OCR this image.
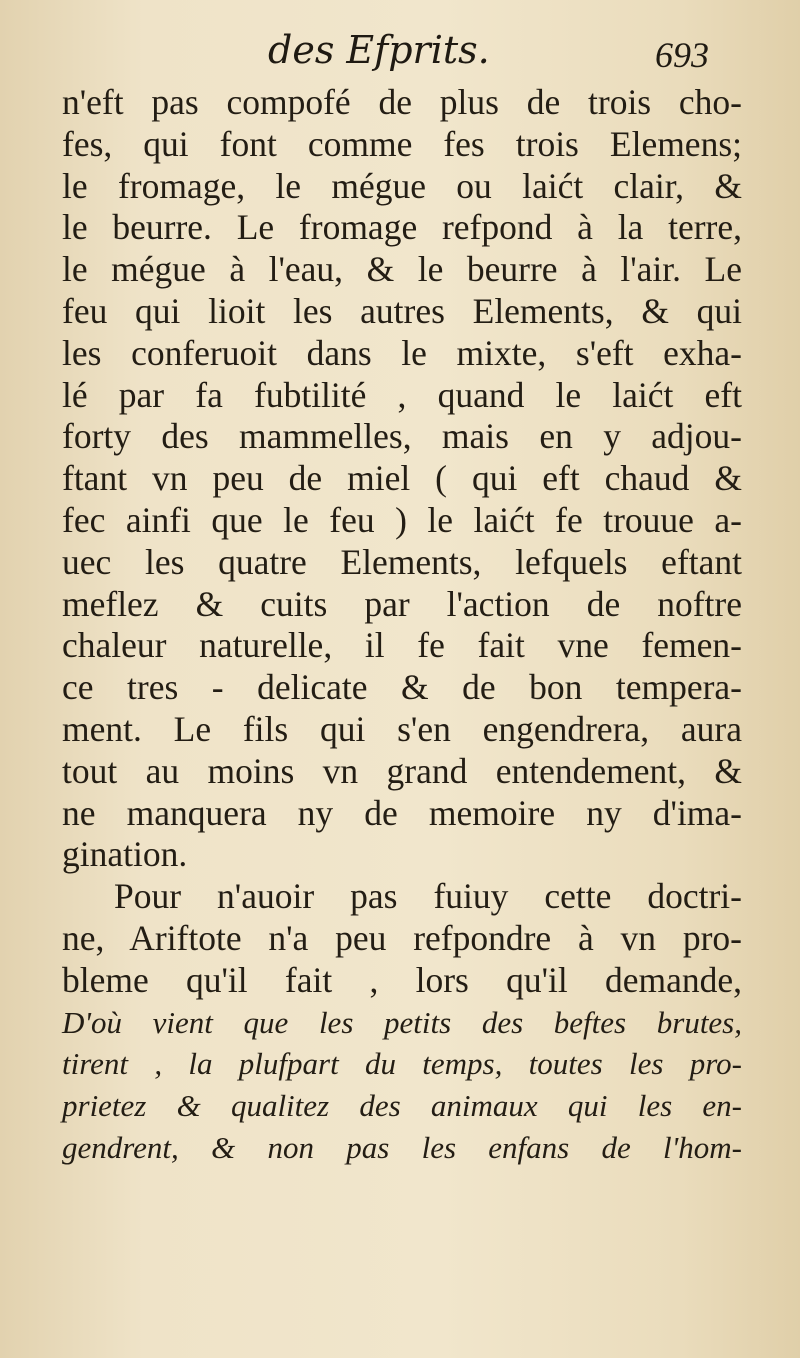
des Efprits.	693
n'eft pas compofé de plus de trois cho-
fes, qui font comme fes trois Elemens;
le fromage, le mégue ou laićt clair, &
le beurre. Le fromage refpond à la terre,
le mégue à l'eau, & le beurre à l'air. Le
feu qui lioit les autres Elements, & qui
les conferuoit dans le mixte, s'eft exha-
lé par fa fubtilité , quand le laićt eft
forty des mammelles, mais en y adjou-
ftant vn peu de miel ( qui eft chaud &
fec ainfi que le feu ) le laićt fe trouue a-
uec les quatre Elements, lefquels eftant
meflez & cuits par l'action de noftre
chaleur naturelle, il fe fait vne femen-
ce tres - delicate & de bon tempera-
ment. Le fils qui s'en engendrera, aura
tout au moins vn grand entendement, &
ne manquera ny de memoire ny d'ima-
gination.
Pour n'auoir pas fuiuy cette doctri-
ne, Ariftote n'a peu refpondre à vn pro-
bleme qu'il fait , lors qu'il demande,
D'où vient que les petits des beftes brutes,
tirent , la plufpart du temps, toutes les pro-
prietez & qualitez des animaux qui les en-
gendrent, & non pas les enfans de l'hom-
